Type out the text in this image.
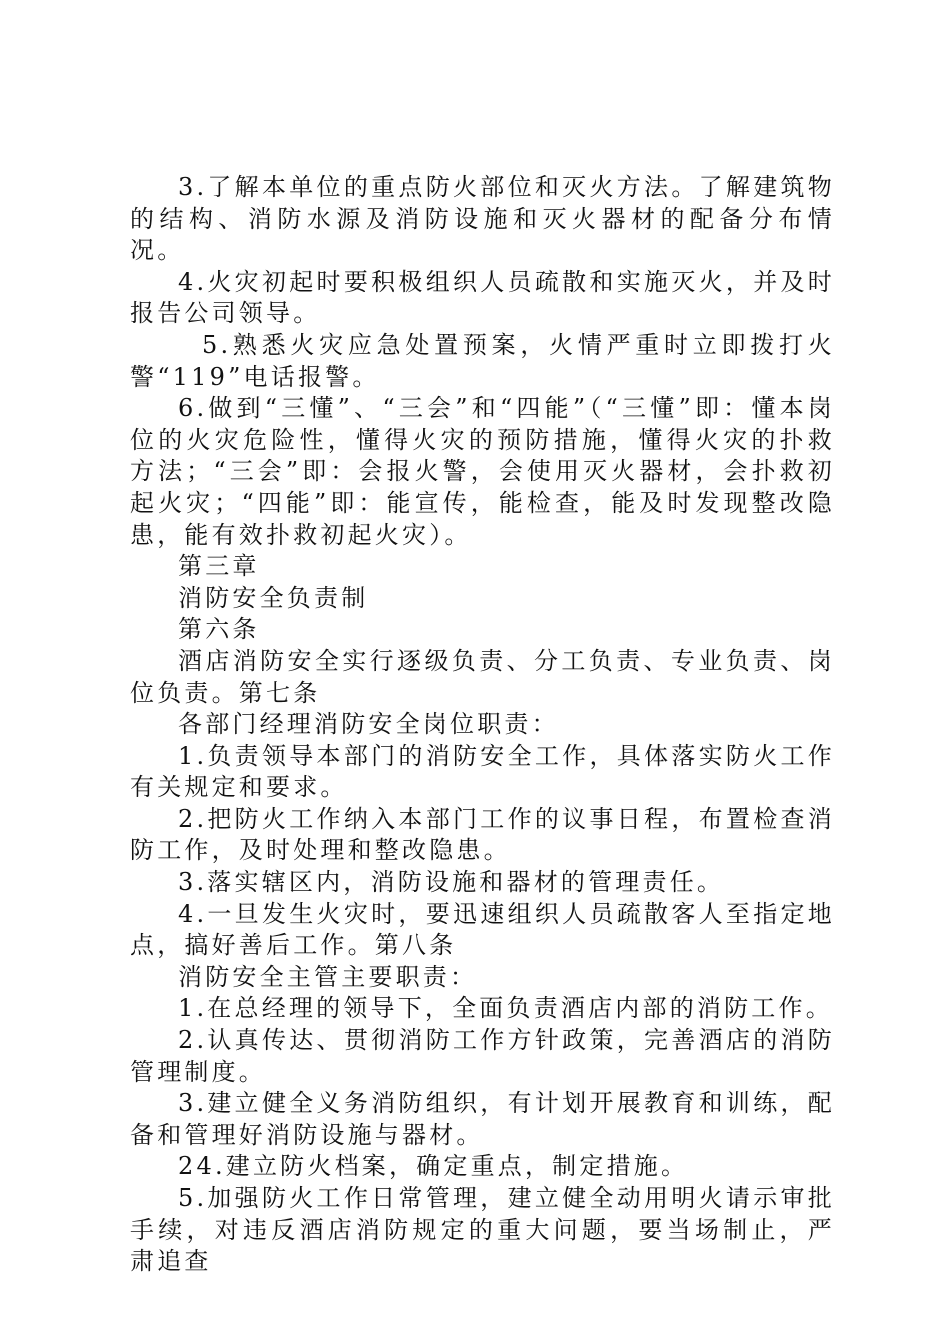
3.了解本单位的重点防火部位和灭火方法。了解建筑物的结构、消防水源及消防设施和灭火器材的配备分布情况。

4.火灾初起时要积极组织人员疏散和实施灭火，并及时报告公司领导。

5.熟悉火灾应急处置预案，火情严重时立即拨打火警“119”电话报警。

6.做到“三懂”、“三会”和“四能”（“三懂”即：懂本岗位的火灾危险性，懂得火灾的预防措施，懂得火灾的扑救方法；“三会”即：会报火警，会使用灭火器材，会扑救初起火灾；“四能”即：能宣传，能检查，能及时发现整改隐患，能有效扑救初起火灾）。

第三章

消防安全负责制

第六条

酒店消防安全实行逐级负责、分工负责、专业负责、岗位负责。第七条

各部门经理消防安全岗位职责：

1.负责领导本部门的消防安全工作，具体落实防火工作有关规定和要求。

2.把防火工作纳入本部门工作的议事日程，布置检查消防工作，及时处理和整改隐患。

3.落实辖区内，消防设施和器材的管理责任。

4.一旦发生火灾时，要迅速组织人员疏散客人至指定地点，搞好善后工作。第八条

消防安全主管主要职责：

1.在总经理的领导下，全面负责酒店内部的消防工作。

2.认真传达、贯彻消防工作方针政策，完善酒店的消防管理制度。

3.建立健全义务消防组织，有计划开展教育和训练，配备和管理好消防设施与器材。

24.建立防火档案，确定重点，制定措施。

5.加强防火工作日常管理，建立健全动用明火请示审批手续，对违反酒店消防规定的重大问题，要当场制止，严肃追查
